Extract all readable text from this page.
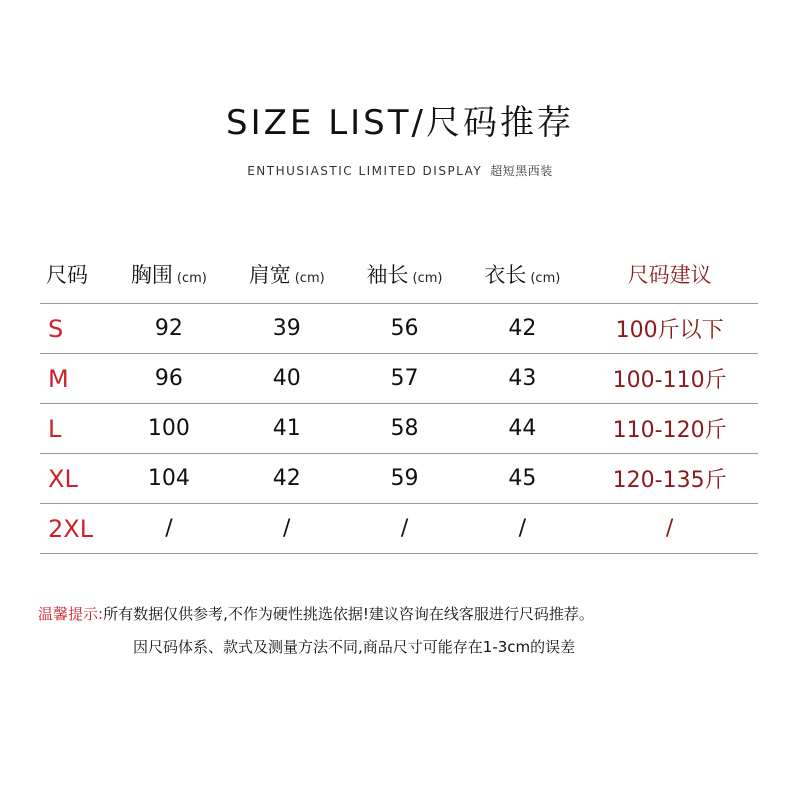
SIZE LIST/尺码推荐
ENTHUSIASTIC LIMITED DISPLAY 超短黑西装
尺码	胸围 (cm)	肩宽 (cm)	袖长 (cm)	衣长 (cm)	尺码建议
S	92	39	56	42	100斤以下
M	96	40	57	43	100-110斤
L	100	41	58	44	110-120斤
XL	104	42	59	45	120-135斤
2XL	/	/	/	/	/
温馨提示:所有数据仅供参考,不作为硬性挑选依据!建议咨询在线客服进行尺码推荐。
因尺码体系、款式及测量方法不同,商品尺寸可能存在1-3cm的误差
